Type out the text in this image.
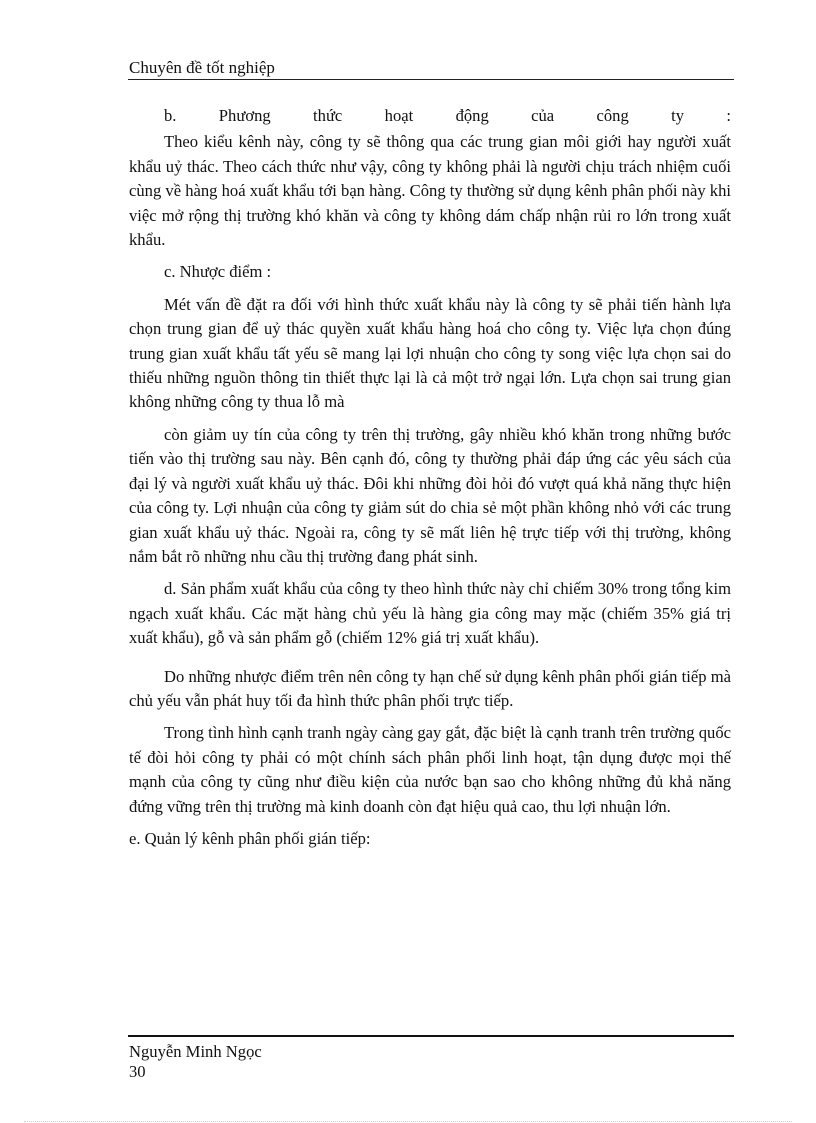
Chuyên đề tốt nghiệp

b.	Phương	thức	hoạt	động	của	công	ty	:

Theo kiểu kênh này, công ty sẽ thông qua các trung gian môi giới hay người xuất khẩu uỷ thác. Theo cách thức như vậy, công ty không phải là người chịu trách nhiệm cuối cùng về hàng hoá xuất khẩu tới bạn hàng. Công ty thường sử dụng kênh phân phối này khi việc mở rộng thị trường khó khăn và công ty không dám chấp nhận rủi ro lớn trong xuất khẩu.

c. Nhược điểm :

Mét vấn đề đặt ra đối với hình thức xuất khẩu này là công ty sẽ phải tiến hành lựa chọn trung gian để uỷ thác quyền xuất khẩu hàng hoá cho công ty. Việc lựa chọn đúng trung gian xuất khẩu tất yếu sẽ mang lại lợi nhuận cho công ty song việc lựa chọn sai do thiếu những nguồn thông tin thiết thực lại là cả một trở ngại lớn. Lựa chọn sai trung gian không những công ty thua lỗ mà

còn giảm uy tín của công ty trên thị trường, gây nhiều khó khăn trong những bước tiến vào thị trường sau này. Bên cạnh đó, công ty thường phải đáp ứng các yêu sách của đại lý và người xuất khẩu uỷ thác. Đôi khi những đòi hỏi đó vượt quá khả năng thực hiện của công ty. Lợi nhuận của công ty giảm sút do chia sẻ một phần không nhỏ với các trung gian xuất khẩu uỷ thác. Ngoài ra, công ty sẽ mất liên hệ trực tiếp với thị trường, không nắm bắt rõ những nhu cầu thị trường đang phát sinh.

d. Sản phẩm xuất khẩu của công ty theo hình thức này chỉ chiếm 30% trong tổng kim ngạch xuất khẩu. Các mặt hàng chủ yếu là hàng gia công may mặc (chiếm 35% giá trị xuất khẩu), gỗ và sản phẩm gỗ (chiếm 12% giá trị xuất khẩu).

Do những nhược điểm trên nên công ty hạn chế sử dụng kênh phân phối gián tiếp mà chủ yếu vẫn phát huy tối đa hình thức phân phối trực tiếp.

Trong tình hình cạnh tranh ngày càng gay gắt, đặc biệt là cạnh tranh trên trường quốc tế đòi hỏi công ty phải có một chính sách phân phối linh hoạt, tận dụng được mọi thế mạnh của công ty cũng như điều kiện của nước bạn sao cho không những đủ khả năng đứng vững trên thị trường mà kinh doanh còn đạt hiệu quả cao, thu lợi nhuận lớn.

e. Quản lý kênh phân phối gián tiếp:

Nguyễn Minh Ngọc
30
